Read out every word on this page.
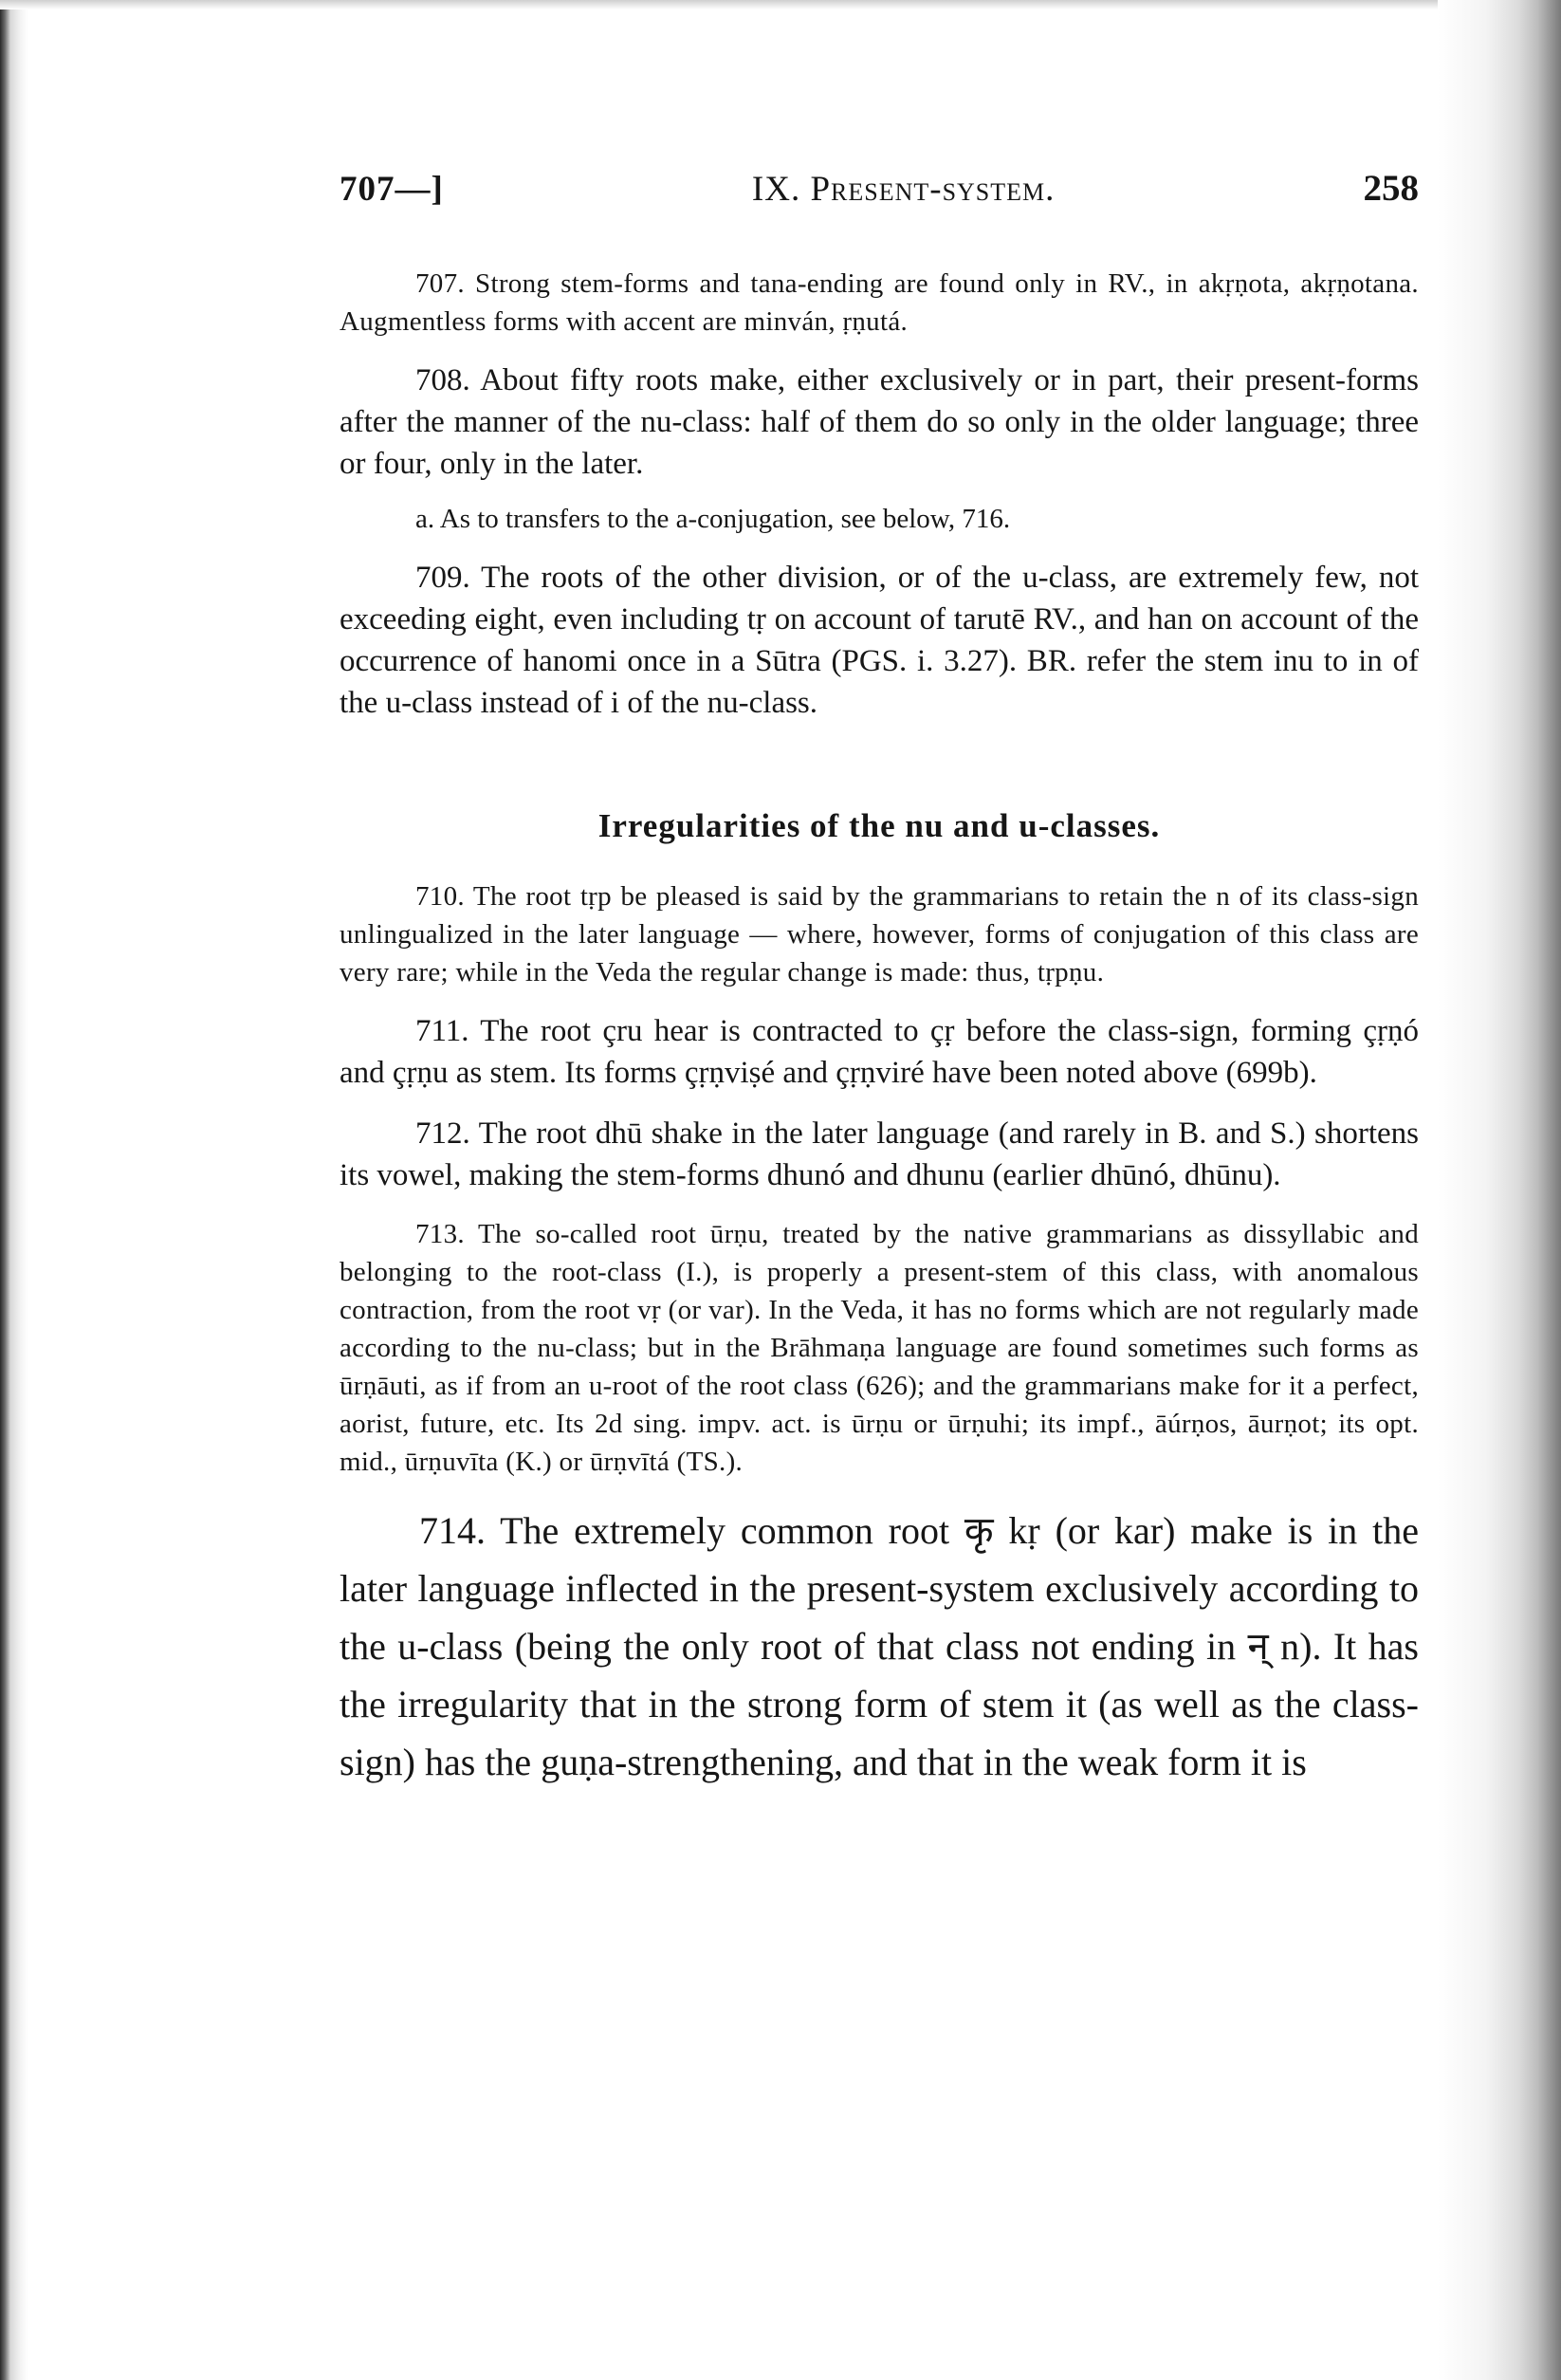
707—]	IX. Present-system.	258

707. Strong stem-forms and tana-ending are found only in RV., in akṛṇota, akṛṇotana. Augmentless forms with accent are minván, ṛṇutá.

708. About fifty roots make, either exclusively or in part, their present-forms after the manner of the nu-class: half of them do so only in the older language; three or four, only in the later.

a. As to transfers to the a-conjugation, see below, 716.

709. The roots of the other division, or of the u-class, are extremely few, not exceeding eight, even including tṛ on account of tarutē RV., and han on account of the occurrence of hanomi once in a Sūtra (PGS. i. 3.27). BR. refer the stem inu to in of the u-class instead of i of the nu-class.

Irregularities of the nu and u-classes.

710. The root tṛp be pleased is said by the grammarians to retain the n of its class-sign unlingualized in the later language — where, however, forms of conjugation of this class are very rare; while in the Veda the regular change is made: thus, tṛpṇu.

711. The root çru hear is contracted to çṛ before the class-sign, forming çṛṇó and çṛṇu as stem. Its forms çṛṇviṣé and çṛṇviré have been noted above (699b).

712. The root dhū shake in the later language (and rarely in B. and S.) shortens its vowel, making the stem-forms dhunó and dhunu (earlier dhūnó, dhūnu).

713. The so-called root ūrṇu, treated by the native grammarians as dissyllabic and belonging to the root-class (I.), is properly a present-stem of this class, with anomalous contraction, from the root vṛ (or var). In the Veda, it has no forms which are not regularly made according to the nu-class; but in the Brāhmaṇa language are found sometimes such forms as ūrṇāuti, as if from an u-root of the root class (626); and the grammarians make for it a perfect, aorist, future, etc. Its 2d sing. impv. act. is ūrṇu or ūrṇuhi; its impf., āúrṇos, āurṇot; its opt. mid., ūrṇuvīta (K.) or ūrṇvītá (TS.).

714. The extremely common root कृ kṛ (or kar) make is in the later language inflected in the present-system exclusively according to the u-class (being the only root of that class not ending in न् n). It has the irregularity that in the strong form of stem it (as well as the class-sign) has the guṇa-strengthening, and that in the weak form it is
